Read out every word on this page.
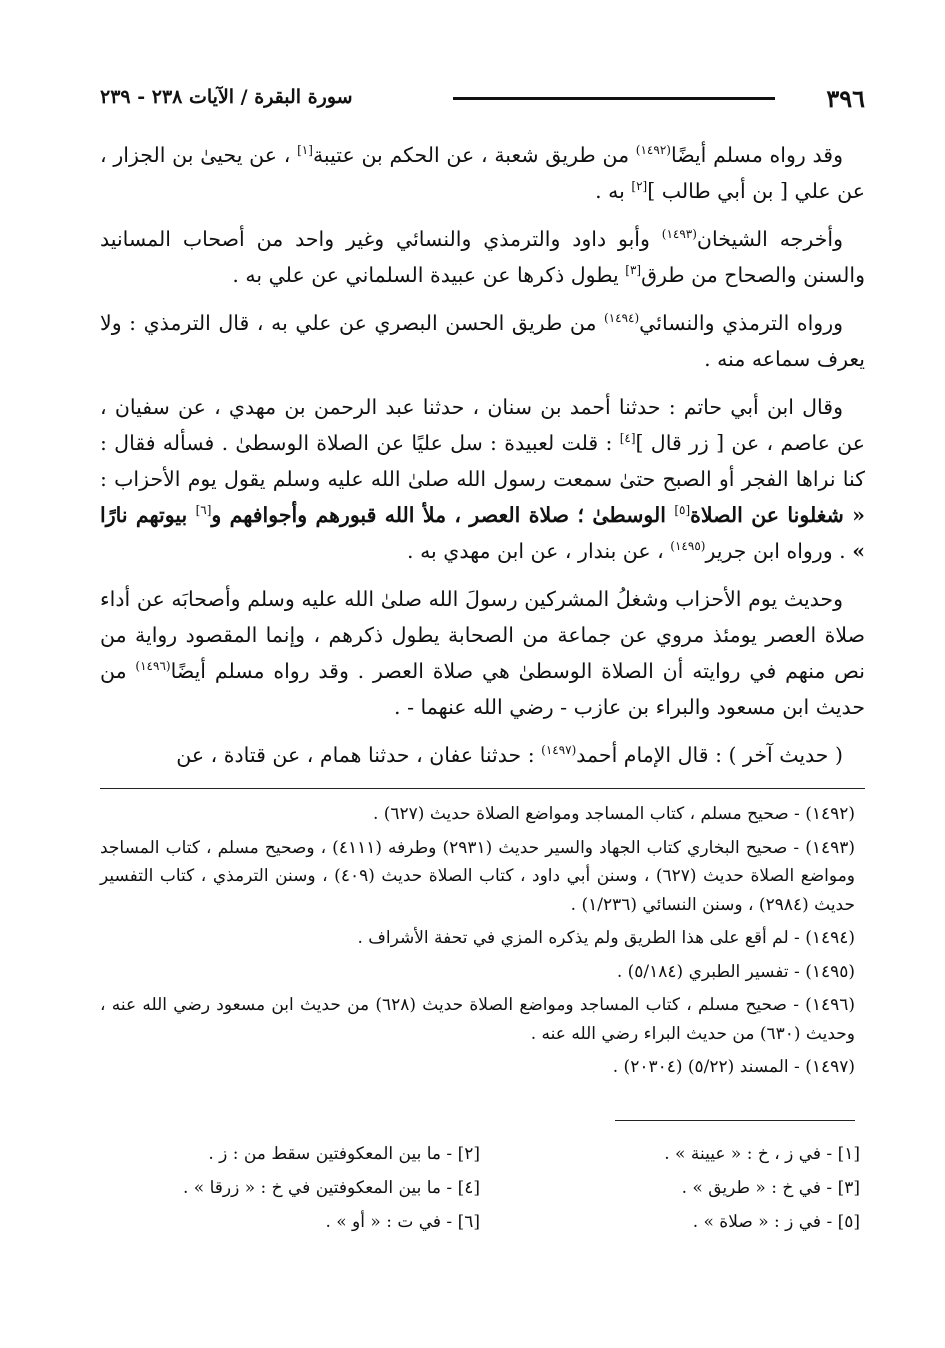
٣٩٦
سورة البقرة / الآيات ٢٣٨ - ٢٣٩

وقد رواه مسلم أيضًا$^{(١٤٩٢)}$ من طريق شعبة ، عن الحكم بن عتيبة[١] ، عن يحيىٰ بن الجزار ، عن علي [ بن أبي طالب ][٢] به .

وأخرجه الشيخان$^{(١٤٩٣)}$ وأبو داود والترمذي والنسائي وغير واحد من أصحاب المسانيد والسنن والصحاح من طرق[٣] يطول ذكرها عن عبيدة السلماني عن علي به .

ورواه الترمذي والنسائي$^{(١٤٩٤)}$ من طريق الحسن البصري عن علي به ، قال الترمذي : ولا يعرف سماعه منه .

وقال ابن أبي حاتم : حدثنا أحمد بن سنان ، حدثنا عبد الرحمن بن مهدي ، عن سفيان ، عن عاصم ، عن [ زر قال ][٤] : قلت لعبيدة : سل عليًا عن الصلاة الوسطىٰ . فسأله فقال : كنا نراها الفجر أو الصبح حتىٰ سمعت رسول الله صلىٰ الله عليه وسلم يقول يوم الأحزاب : « شغلونا عن الصلاة[٥] الوسطىٰ ؛ صلاة العصر ، ملأ الله قبورهم وأجوافهم و[٦] بيوتهم نارًا » . ورواه ابن جرير$^{(١٤٩٥)}$ ، عن بندار ، عن ابن مهدي به .

وحديث يوم الأحزاب وشغلُ المشركين رسولَ الله صلىٰ الله عليه وسلم وأصحابَه عن أداء صلاة العصر يومئذ مروي عن جماعة من الصحابة يطول ذكرهم ، وإنما المقصود رواية من نص منهم في روايته أن الصلاة الوسطىٰ هي صلاة العصر . وقد رواه مسلم أيضًا$^{(١٤٩٦)}$ من حديث ابن مسعود والبراء بن عازب - رضي الله عنهما - .

( حديث آخر ) : قال الإمام أحمد$^{(١٤٩٧)}$ : حدثنا عفان ، حدثنا همام ، عن قتادة ، عن

(١٤٩٢) - صحيح مسلم ، كتاب المساجد ومواضع الصلاة حديث (٦٢٧) .
(١٤٩٣) - صحيح البخاري كتاب الجهاد والسير حديث (٢٩٣١) وطرفه (٤١١١) ، وصحيح مسلم ، كتاب المساجد ومواضع الصلاة حديث (٦٢٧) ، وسنن أبي داود ، كتاب الصلاة حديث (٤٠٩) ، وسنن الترمذي ، كتاب التفسير حديث (٢٩٨٤) ، وسنن النسائي (١/٢٣٦) .
(١٤٩٤) - لم أقع على هذا الطريق ولم يذكره المزي في تحفة الأشراف .
(١٤٩٥) - تفسير الطبري (٥/١٨٤) .
(١٤٩٦) - صحيح مسلم ، كتاب المساجد ومواضع الصلاة حديث (٦٢٨) من حديث ابن مسعود رضي الله عنه ، وحديث (٦٣٠) من حديث البراء رضي الله عنه .
(١٤٩٧) - المسند (٥/٢٢) (٢٠٣٠٤) .
[١] - في ز ، خ : « عيينة » .
[٢] - ما بين المعكوفتين سقط من : ز .
[٣] - في خ : « طريق » .
[٤] - ما بين المعكوفتين في خ : « زرقا » .
[٥] - في ز : « صلاة » .
[٦] - في ت : « أو » .
